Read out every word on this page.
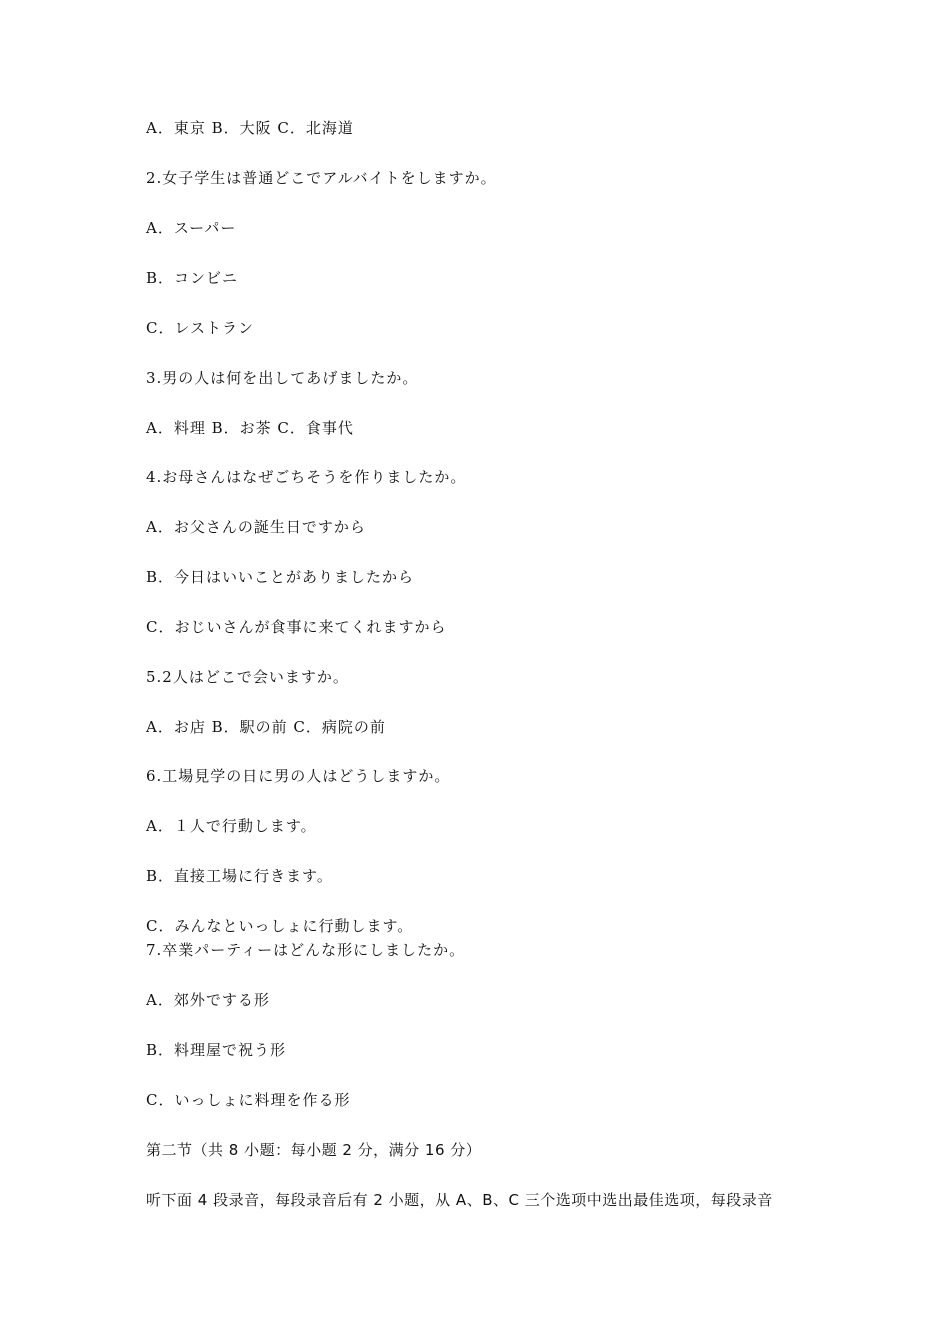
A．東京 B．大阪 C．北海道
2.女子学生は普通どこでアルバイトをしますか。
A．スーパー
B．コンビニ
C．レストラン
3.男の人は何を出してあげましたか。
A．料理 B．お茶 C．食事代
4.お母さんはなぜごちそうを作りましたか。
A．お父さんの誕生日ですから
B．今日はいいことがありましたから
C．おじいさんが食事に来てくれますから
5.2人はどこで会いますか。
A．お店 B．駅の前 C．病院の前
6.工場見学の日に男の人はどうしますか。
A．１人で行動します。
B．直接工場に行きます。
C．みんなといっしょに行動します。
7.卒業パーティーはどんな形にしましたか。
A．郊外でする形
B．料理屋で祝う形
C．いっしょに料理を作る形
第二节（共 8 小题：每小题 2 分，满分 16 分）
听下面 4 段录音，每段录音后有 2 小题，从 A、B、C 三个选项中选出最佳选项，每段录音
